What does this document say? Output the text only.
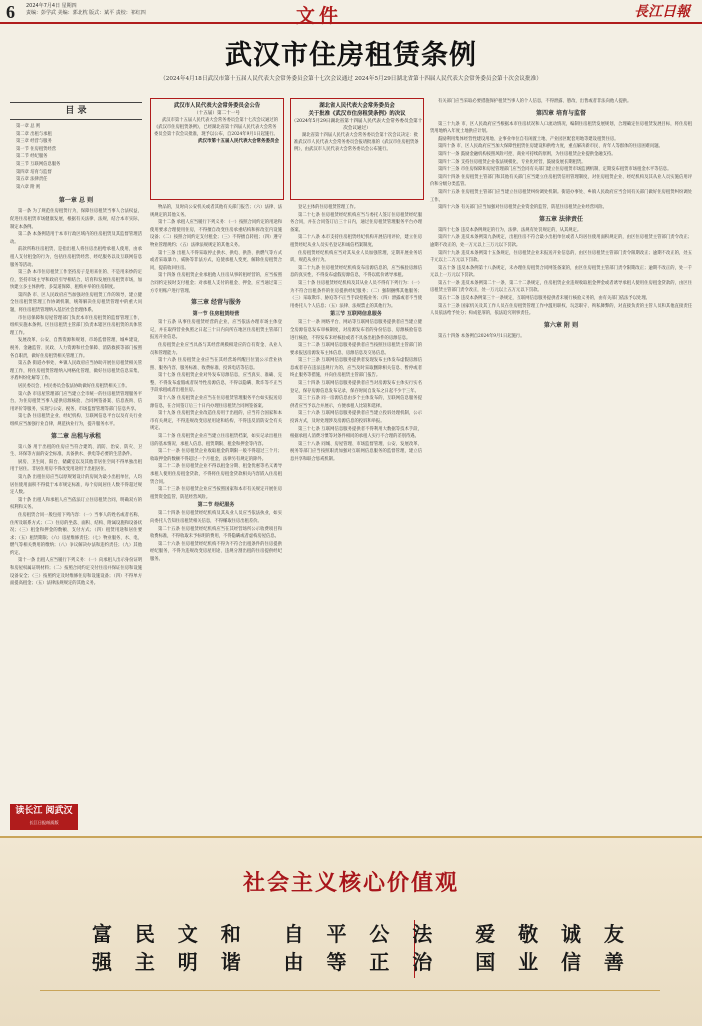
6 2024年7月4日 星期四
责编：彭学武 美编：郭北枕 版式：斌平 责校：祁红四	文件	長江日報
武汉市住房租赁条例
（2024年4月18日武汉市第十五届人民代表大会常务委员会第十七次会议通过 2024年5月29日湖北省第十四届人民代表大会常务委员会第十次会议批准）
目 录

第一章 总 则

第二章 出租与承租

第三章 经营与服务

第一节 住房租赁经营

第二节 经纪服务

第三节 互联网信息服务

第四章 培育与监督

第五章 法律责任

第六章 附 则

第一章 总 则

第一条 为了规范住房租赁行为，保障住房租赁当事人合法权益，促进住房租赁市场健康发展，根据有关法律、法规，结合本市实际，制定本条例。

第二条 本条例适用于本市行政区域内的住房租赁及其监督管理活动。

前款所称住房租赁，是指出租人将住房出租给承租人使用，由承租人支付租金的行为，包括住房租赁经营、经纪服务以及互联网信息服务等活动。

第三条 本市住房租赁工作坚持房子是用来住的、不是用来炒的定位，坚持市场主导和政府引导相结合，培育和发展住房租赁市场，加快建立多主体供给、多渠道保障、租购并举的住房制度。

第四条 市、区人民政府应当加强对住房租赁工作的领导，建立健全住房租赁管理工作协调机制，统筹解决住房租赁管理中的重大问题，将住房租赁管理纳入基层社会治理体系。

市住房保障和房屋管理部门负责本市住房租赁的监督管理工作，组织实施本条例。区住房租赁主管部门负责本辖区住房租赁的具体管理工作。

发展改革、公安、自然资源和规划、市场监督管理、城乡建设、税务、金融监管、民政、人力资源和社会保障、消防救援等部门按照各自职责，做好住房租赁相关管理工作。

第五条 街道办事处、乡镇人民政府应当协助开展住房租赁相关管理工作，将住房租赁管理纳入网格化管理，做好住房租赁信息采集、矛盾纠纷化解等工作。

居民委员会、村民委员会依法协助做好住房租赁相关工作。

第六条 市房屋管理部门应当建立全市统一的住房租赁管理服务平台，为住房租赁当事人提供房源核验、合同网签备案、信息查询、信用评价等服务，实现与公安、税务、市场监督管理等部门信息共享。

第七条 住房租赁企业、经纪机构、互联网信息平台以及有关行业组织应当加强行业自律，规范执业行为，提升服务水平。

第二章 出租与承租

第八条 用于出租的住房应当符合建筑、消防、治安、防灾、卫生、环保等方面的安全标准，具备供水、供电等必要的生活条件。

厨房、卫生间、阳台、储藏室以及其他非居住空间不得单独出租用于居住。非居住用房不得改变用途用于出租居住。

第九条 出租住房应当以原规划设计的房间为最小出租单位，人均居住使用面积不得低于本市规定标准，每个房间居住人数不得超过规定人数。

第十条 出租人和承租人应当依法订立住房租赁合同，明确双方的权利和义务。

住房租赁合同一般包括下列内容：（一）当事人的姓名或者名称、住所及联系方式；（二）住房的坐落、面积、结构、附属设施和设备状况；（三）租金和押金的数额、支付方式；（四）租赁用途和居住要求；（五）租赁期限；（六）房屋维修责任；（七）物业服务、水、电、燃气等相关费用的缴纳；（八）争议解决办法和违约责任；（九）其他约定。

第十一条 出租人应当履行下列义务：（一）向承租人出示身份证明和房屋权属证明材料；（二）按照合同约定交付住房并保证住房和设施设备安全；（三）按照约定及时维修住房和设施设备；（四）不得单方面提高租金；（五）法律法规规定的其他义务。

武汉市人民代表大会常务委员会公告
（十五届）第二十一号
武汉市第十五届人民代表大会常务委员会第十七次会议通过的《武汉市住房租赁条例》，已经湖北省第十四届人民代表大会常务委员会第十次会议批准，现予以公布，自2024年9月1日起施行。
武汉市第十五届人民代表大会常务委员会
湖北省人民代表大会常务委员会
关于批准《武汉市住房租赁条例》的决议
（2024年5月29日湖北省第十四届人民代表大会常务委员会第十次会议通过）
湖北省第十四届人民代表大会常务委员会第十次会议决定：批准武汉市人民代表大会常务委员会报请批准的《武汉市住房租赁条例》，由武汉市人民代表大会常务委员会公布施行。

物品的，及时向公安机关或者其他有关部门报告；（六）法律、法规规定的其他义务。

第十二条 承租人应当履行下列义务：（一）按照合同约定的用途和使用要求合理使用住房，不得擅自改变住房承重结构和拆改室内设施设备；（二）按照合同约定支付租金；（三）不得擅自转租；（四）遵守物业管理规约；（五）法律法规规定的其他义务。

第十三条 出租人不得采取停止供水、供电、供热、供燃气等方式或者采取暴力、威胁等非法方式，迫使承租人变更、解除住房租赁合同，提前收回住房。

第十四条 住房租赁企业承租他人住房从事转租经营的，应当按照合同约定按时支付租金；对承租人支付的租金、押金，应当通过第三方专用账户进行管理。

第三章 经营与服务

第一节 住房租赁经营

第十五条 从事住房租赁经营的企业，应当依法办理市场主体登记，并在取得营业执照之日起三十日内向所在地区住房租赁主管部门报送开业信息。

住房租赁企业应当具备与其经营规模相适应的自有资金、从业人员和管理能力。

第十六条 住房租赁企业应当在其经营场所醒目位置公示营业执照、服务内容、服务标准、收费标准、投诉电话等信息。

第十七条 住房租赁企业对外发布房源信息，应当真实、准确、完整，不得发布虚假或者误导性房源信息，不得以隐瞒、欺诈等不正当手段承租或者出租住房。

第十八条 住房租赁企业应当在住房租赁管理服务平台如实报送房源信息，在合同签订后三十日内办理住房租赁合同网签备案。

第十九条 住房租赁企业改造住房用于出租的，应当符合国家和本市有关规定，不得违规改变房屋用途和结构，不得违反消防安全有关规定。

第二十条 住房租赁企业应当建立住房租赁档案，如实记录出租住房的基本情况、承租人信息、租赁期限、租金和押金等内容。

第二十一条 住房租赁企业收取租金的期限一般不得超过三个月；收取押金的数额不得超过一个月租金，法律另有规定的除外。

第二十二条 住房租赁企业不得以租金分期、租金优惠等名义诱导承租人使用住房租金贷款，不得将住房租金贷款相关内容嵌入住房租赁合同。

第二十三条 住房租赁企业应当按照国家和本市有关规定开展住房租赁资金监管，防范经营风险。

第二节 经纪服务

第二十四条 住房租赁经纪机构及其从业人员应当依法执业，如实向委托人告知住房租赁相关信息，不得赚取住房出租差价。

第二十五条 住房租赁经纪机构应当在其经营场所公示收费项目和收费标准，不得收取未予标明的费用，不得隐瞒或者虚构房屋信息。

第二十六条 住房租赁经纪机构不得为不符合出租条件的住房提供经纪服务，不得为违规改变房屋用途、违规分割出租的住房提供经纪服务。

登记主体的住房租赁管理工作。

第二十七条 住房租赁经纪机构应当与委托人签订住房租赁经纪服务合同，并在合同签订后三十日内，通过住房租赁管理服务平台办理备案。

第二十八条 本市支持住房租赁经纪机构开展信用评价，建立住房租赁经纪从业人员实名登记和诚信档案制度。

住房租赁经纪机构应当对其从业人员加强管理，定期开展业务培训，规范从业行为。

第二十九条 住房租赁经纪机构发布房源信息的，应当核验房源信息的真实性，不得发布虚假房源信息，不得以低价诱导承租。

第三十条 住房租赁经纪机构及其从业人员不得有下列行为：（一）为不符合出租条件的住房提供经纪服务；（二）强制捆绑其他服务；（三）采取欺诈、胁迫等不正当手段招揽业务；（四）泄露或者不当使用委托人个人信息；（五）法律、法规禁止的其他行为。

第三节 互联网信息服务

第三十一条 网络平台、网站等互联网信息服务提供者应当建立健全房源信息发布审核制度，对房源发布者的身份信息、房源核验信息进行核验，不得发布未经核验或者不具备出租条件的房源信息。

第三十二条 互联网信息服务提供者应当按照住房租赁主管部门的要求报送房源发布主体信息、房源信息及交易信息。

第三十三条 互联网信息服务提供者发现发布主体发布虚假房源信息或者存在违法违规行为的，应当及时采取删除相关信息、暂停或者终止服务等措施，并向住房租赁主管部门报告。

第三十四条 互联网信息服务提供者应当对房源发布主体实行实名登记，保存房源信息发布记录，保存时间自发布之日起不少于三年。

第三十五条 同一房源信息由多个主体发布的，互联网信息服务提供者应当予以合并展示，方便承租人比较和选择。

第三十六条 互联网信息服务提供者应当建立投诉处理机制，公示投诉方式，及时处理涉及房源信息的投诉和举报。

第三十七条 互联网信息服务提供者不得利用大数据等技术手段，根据承租人消费习惯等对条件相同的承租人实行不合理的差别待遇。

第三十八条 同城、房屋管理、市场监督管理、公安、发展改革、税务等部门应当按照职责加强对互联网信息服务的监督管理，建立信息共享和联合惩戒机制。

有关部门应当采取必要措施保护租赁当事人的个人信息，不得泄露、篡改、出售或者非法向他人提供。

第四章 培育与监督

第三十九条 市、区人民政府应当根据本市住房状况和人口流动情况，编制住房租赁发展规划，合理确定住房租赁发展目标，将住房租赁用地纳入年度土地供应计划。

鼓励利用集体经营性建设用地、企事业单位自有闲置土地、产业园区配套用地等建设租赁住房。

第四十条 市、区人民政府应当加大保障性租赁住房建设和供给力度，重点解决新市民、青年人等群体的住房困难问题。

第四十一条 鼓励金融机构按照风险可控、商业可持续的原则，为住房租赁企业提供金融支持。

第四十二条 支持住房租赁企业依法规模化、专业化经营，鼓励发展长期租赁。

第四十三条 市住房保障和房屋管理部门应当会同有关部门建立住房租赁市场监测机制，定期发布租赁市场租金水平等信息。

第四十四条 住房租赁主管部门和其他有关部门应当建立住房租赁信用管理制度，对住房租赁企业、经纪机构及其从业人员实施信用评价和分级分类监管。

第四十五条 住房租赁主管部门应当建立住房租赁纠纷调处机制。街道办事处、乡镇人民政府应当会同有关部门做好住房租赁纠纷调处工作。

第四十六条 有关部门应当加强对住房租赁企业资金的监管，防范住房租赁企业经营风险。

第五章 法律责任

第四十七条 违反本条例规定的行为，法律、法规有处罚规定的，从其规定。

第四十八条 违反本条例第九条规定，出租住房不符合最小出租单位或者人均居住使用面积规定的，由区住房租赁主管部门责令改正；逾期不改正的，处一万元以上三万元以下罚款。

第四十九条 违反本条例第十五条规定，住房租赁企业未报送开业信息的，由区住房租赁主管部门责令限期改正；逾期不改正的，处五千元以上二万元以下罚款。

第五十条 违反本条例第十八条规定，未办理住房租赁合同网签备案的，由区住房租赁主管部门责令限期改正；逾期不改正的，处一千元以上一万元以下罚款。

第五十一条 违反本条例第二十一条、第二十二条规定，住房租赁企业违规收取租金押金或者诱导承租人使用住房租金贷款的，由区住房租赁主管部门责令改正，处一万元以上五万元以下罚款。

第五十二条 违反本条例第三十一条规定，互联网信息服务提供者未履行核验义务的，由有关部门依法予以处理。

第五十三条 国家机关及其工作人员在住房租赁管理工作中滥用职权、玩忽职守、徇私舞弊的，对直接负责的主管人员和其他直接责任人员依法给予处分；构成犯罪的，依法追究刑事责任。

第六章 附 则

第五十四条 本条例自2024年9月1日起施行。

读长江 阅武汉
长江日报纸质版
社会主义核心价值观
富强
民主
文明
和谐
自由
平等
公正
法治
爱国
敬业
诚信
友善
